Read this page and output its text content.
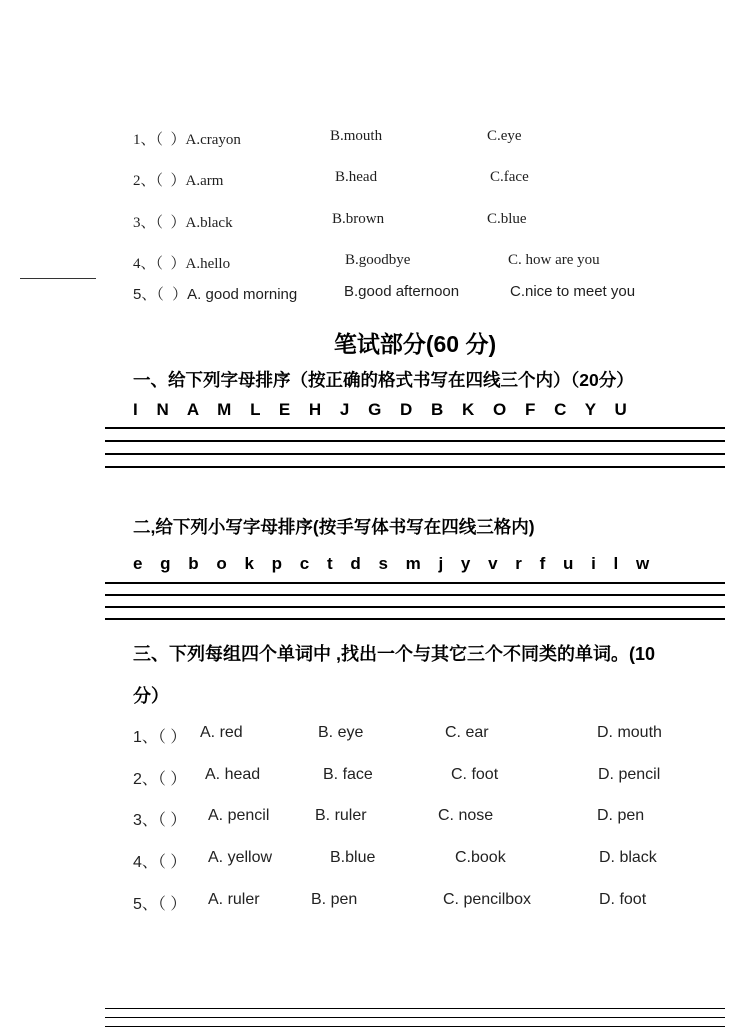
1、（  ）A.crayon	B.mouth	C.eye
2、（  ）A.arm	B.head	C.face
3、（  ）A.black	B.brown	C.blue
4、（  ）A.hello	B.goodbye	C. how are you
5、（  ）A. good morning	B.good afternoon	C.nice to meet you
笔试部分(60 分)
一、给下列字母排序（按正确的格式书写在四线三个内）（20分）
I N A M L E H J G D B K O F C Y U
二,给下列小写字母排序(按手写体书写在四线三格内)
e g b o k p c t d s m j y v r f u i l w
三、下列每组四个单词中 ,找出一个与其它三个不同类的单词。(10
分）
1、（ ） A. red	B. eye	C. ear	D. mouth
2、（ ） A. head	B. face	C. foot	D. pencil
3、（ ） A. pencil	B. ruler	C. nose	D. pen
4、（ ） A. yellow	B.blue	C.book	D. black
5、（ ） A. ruler	B. pen	C. pencilbox	D. foot
